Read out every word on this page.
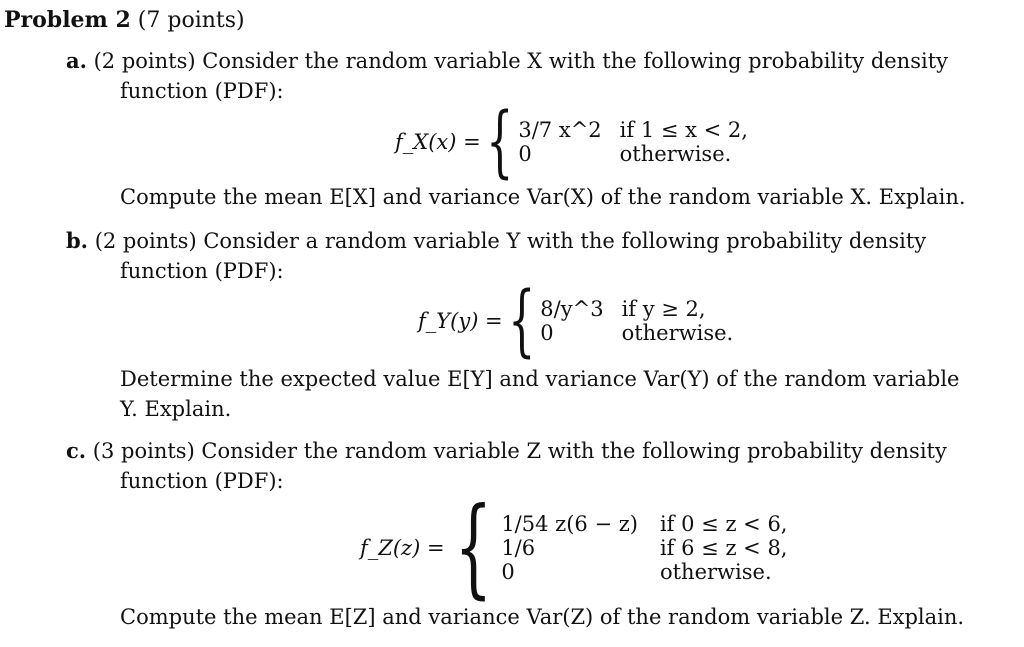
Problem 2 (7 points)
a. (2 points) Consider the random variable X with the following probability density
function (PDF):
f_X(x) = { 3/7 x^2 if 1 ≤ x < 2,
0	otherwise.
Compute the mean E[X] and variance Var(X) of the random variable X. Explain.
b. (2 points) Consider a random variable Y with the following probability density
function (PDF):
f_Y(y) = { 8/y^3 if y ≥ 2,
0	otherwise.
Determine the expected value E[Y] and variance Var(Y) of the random variable
Y. Explain.
c. (3 points) Consider the random variable Z with the following probability density
function (PDF):
f_Z(z) = { 1/54 z(6 − z) if 0 ≤ z < 6,
1/6	if 6 ≤ z < 8,
0	otherwise.
Compute the mean E[Z] and variance Var(Z) of the random variable Z. Explain.
